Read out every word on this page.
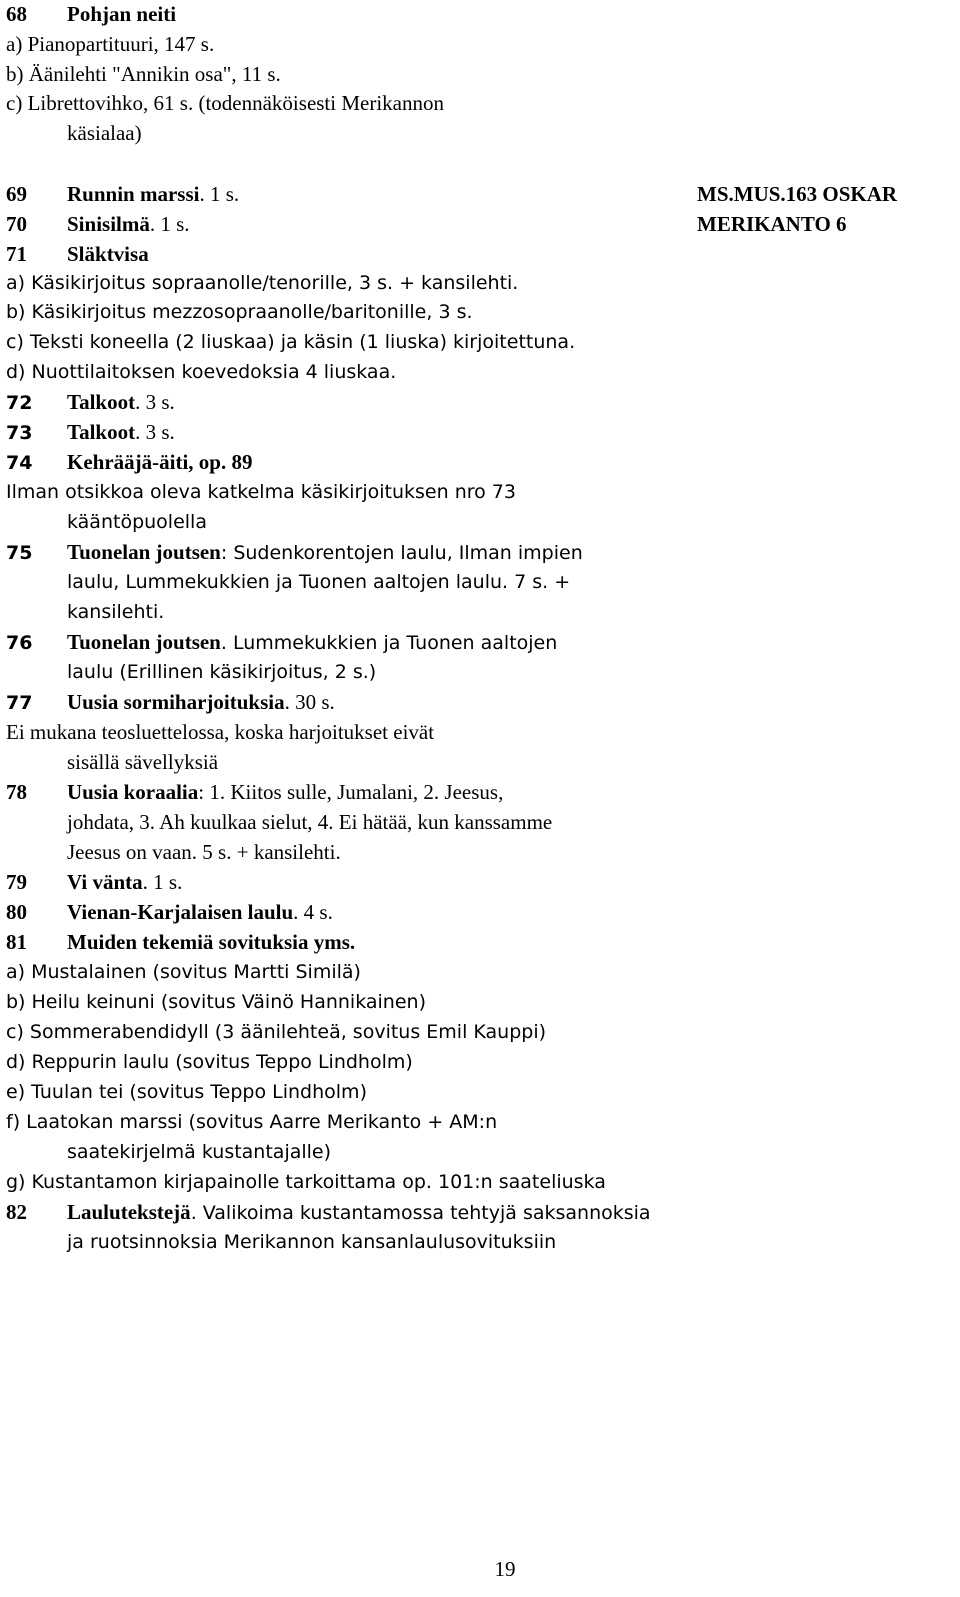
MS.MUS.163 OSKAR
MERIKANTO 6
68 Pohjan neiti
a) Pianopartituuri, 147 s.
b) Äänilehti "Annikin osa", 11 s.
c) Librettovihko, 61 s. (todennäköisesti Merikannon
käsialaa)
69 Runnin marssi. 1 s.
70 Sinisilmä. 1 s.
71 Släktvisa
a) Käsikirjoitus sopraanolle/tenorille, 3 s. + kansilehti.
b) Käsikirjoitus mezzosopraanolle/baritonille, 3 s.
c) Teksti koneella (2 liuskaa) ja käsin (1 liuska) kirjoitettuna.
d) Nuottilaitoksen koevedoksia 4 liuskaa.
72 Talkoot. 3 s.
73 Talkoot. 3 s.
74 Kehrääjä-äiti, op. 89
Ilman otsikkoa oleva katkelma käsikirjoituksen nro 73
kääntöpuolella
75 Tuonelan joutsen: Sudenkorentojen laulu, Ilman impien
laulu, Lummekukkien ja Tuonen aaltojen laulu. 7 s. +
kansilehti.
76 Tuonelan joutsen. Lummekukkien ja Tuonen aaltojen
laulu (Erillinen käsikirjoitus, 2 s.)
77 Uusia sormiharjoituksia. 30 s.
Ei mukana teosluettelossa, koska harjoitukset eivät
sisällä sävellyksiä
78 Uusia koraalia: 1. Kiitos sulle, Jumalani, 2. Jeesus,
johdata, 3. Ah kuulkaa sielut, 4. Ei hätää, kun kanssamme
Jeesus on vaan. 5 s. + kansilehti.
79 Vi vänta. 1 s.
80 Vienan-Karjalaisen laulu. 4 s.
81 Muiden tekemiä sovituksia yms.
a) Mustalainen (sovitus Martti Similä)
b) Heilu keinuni (sovitus Väinö Hannikainen)
c) Sommerabendidyll (3 äänilehteä, sovitus Emil Kauppi)
d) Reppurin laulu (sovitus Teppo Lindholm)
e) Tuulan tei (sovitus Teppo Lindholm)
f) Laatokan marssi (sovitus Aarre Merikanto + AM:n
saatekirjelmä kustantajalle)
g) Kustantamon kirjapainolle tarkoittama op. 101:n saateliuska
82 Laulutekstejä. Valikoima kustantamossa tehtyjä saksannoksia
ja ruotsinnoksia Merikannon kansanlaulusovituksiin
19
